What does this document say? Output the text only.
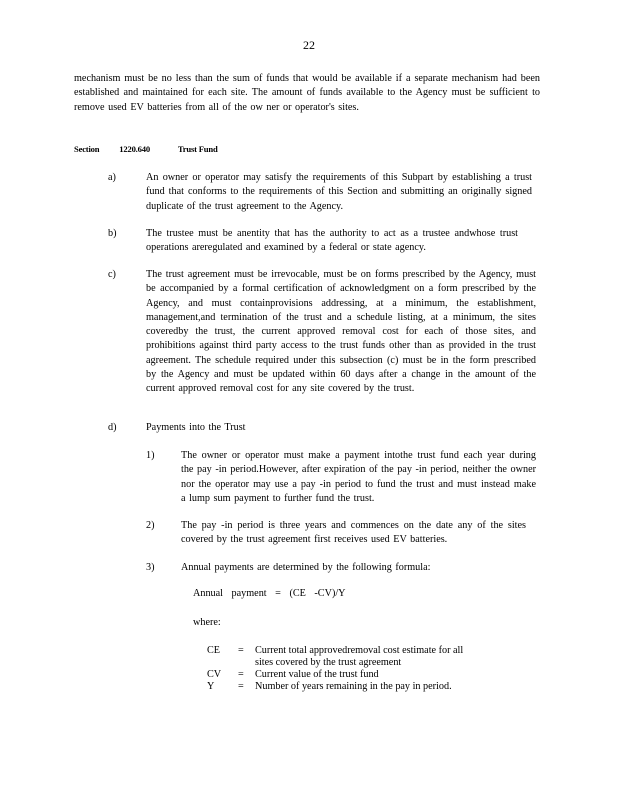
22
mechanism must be no less than the sum of funds that would be available if a separate mechanism had been established and maintained for each site. The amount of funds available to the Agency must be sufficient to remove used EV batteries from all of the ow ner or operator's sites.
Section 1220.640	Trust Fund
a)	An owner or operator may satisfy the requirements of this Subpart by establishing a trust fund that conforms to the requirements of this Section and submitting an originally signed duplicate of the trust agreement to the Agency.
b)	The trustee must be anentity that has the authority to act as a trustee andwhose trust operations areregulated and examined by a federal or state agency.
c)	The trust agreement must be irrevocable, must be on forms prescribed by the Agency, must be accompanied by a formal certification of acknowledgment on a form prescribed by the Agency, and must containprovisions addressing, at a minimum, the establishment, management,and termination of the trust and a schedule listing, at a minimum, the sites coveredby the trust, the current approved removal cost for each of those sites, and prohibitions against third party access to the trust funds other than as provided in the trust agreement. The schedule required under this subsection (c) must be in the form prescribed by the Agency and must be updated within 60 days after a change in the amount of the current approved removal cost for any site covered by the trust.
d)	Payments into the Trust
1)	The owner or operator must make a payment intothe trust fund each year during the pay -in period.However, after expiration of the pay -in period, neither the owner nor the operator may use a pay -in period to fund the trust and must instead make a lump sum payment to further fund the trust.
2)	The pay -in period is three years and commences on the date any of the sites covered by the trust agreement first receives used EV batteries.
3)	Annual payments are determined by the following formula:
Annual payment = (CE -CV)/Y
where:
CE = Current total approvedremoval cost estimate for all sites covered by the trust agreement
CV = Current value of the trust fund
Y = Number of years remaining in the pay in period.
